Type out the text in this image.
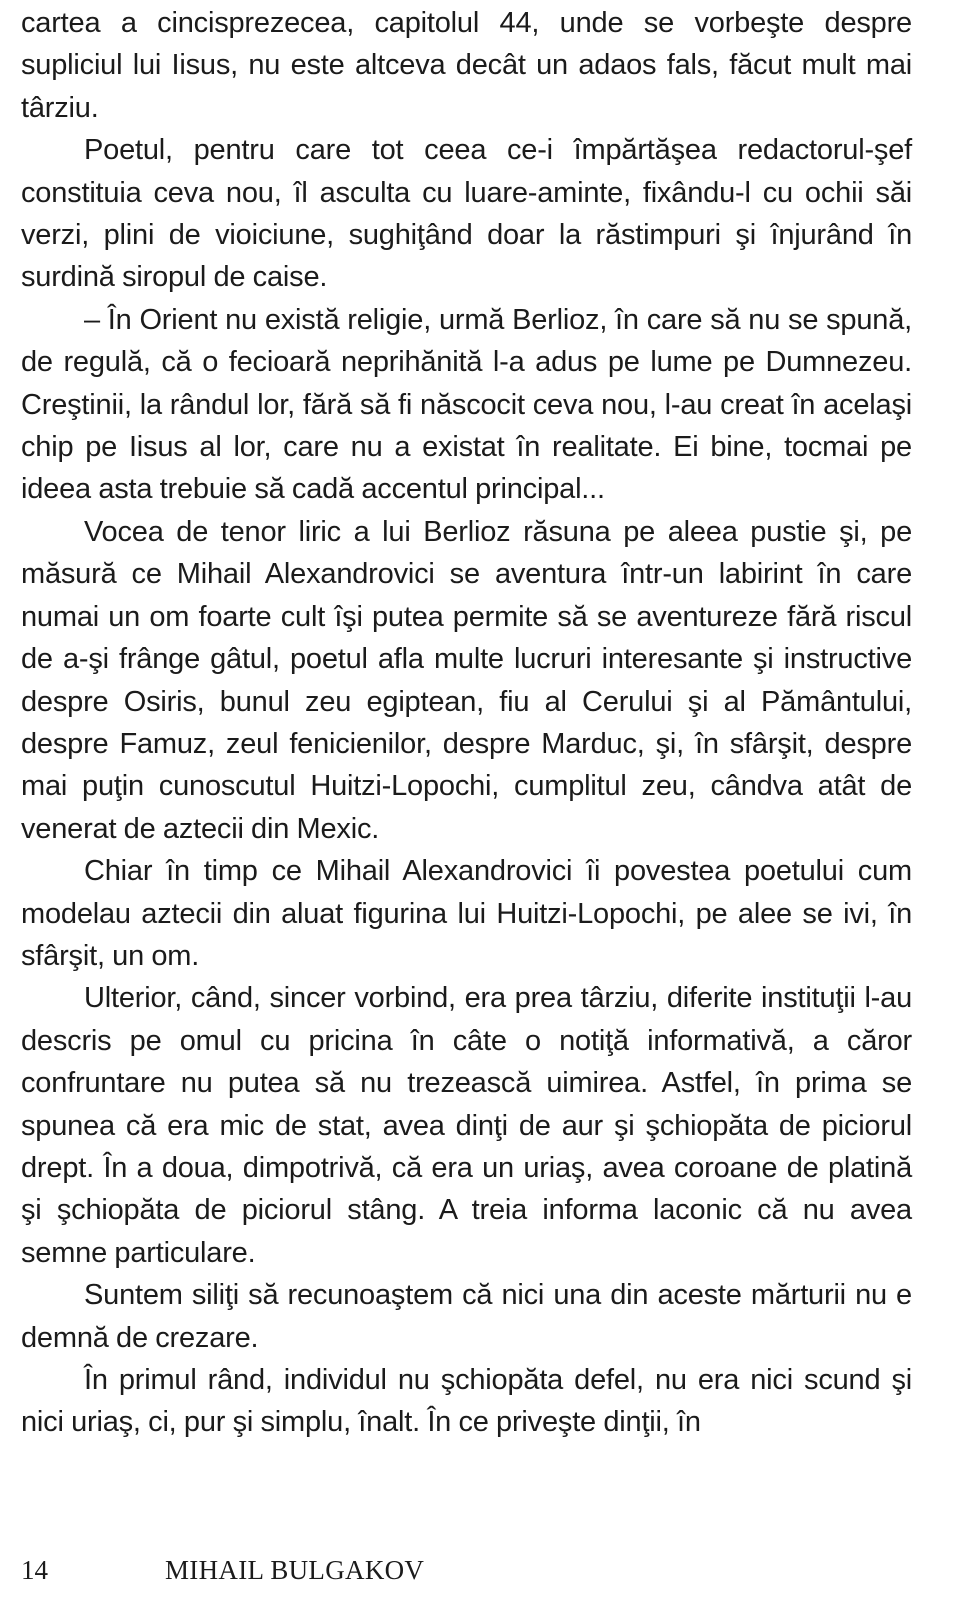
cartea a cincisprezecea, capitolul 44, unde se vorbeşte despre supliciul lui Iisus, nu este altceva decât un adaos fals, făcut mult mai târziu.

Poetul, pentru care tot ceea ce-i împărtăşea redactorul-şef constituia ceva nou, îl asculta cu luare-aminte, fixându-l cu ochii săi verzi, plini de vioiciune, sughiţând doar la răstimpuri şi înjurând în surdină siropul de caise.

– În Orient nu există religie, urmă Berlioz, în care să nu se spună, de regulă, că o fecioară neprihănită l-a adus pe lume pe Dumnezeu. Creştinii, la rândul lor, fără să fi născocit ceva nou, l-au creat în acelaşi chip pe Iisus al lor, care nu a existat în realitate. Ei bine, tocmai pe ideea asta trebuie să cadă accentul principal...

Vocea de tenor liric a lui Berlioz răsuna pe aleea pustie şi, pe măsură ce Mihail Alexandrovici se aventura într-un labirint în care numai un om foarte cult îşi putea permite să se aventureze fără riscul de a-şi frânge gâtul, poetul afla multe lucruri interesante şi instructive despre Osiris, bunul zeu egiptean, fiu al Cerului şi al Pământului, despre Famuz, zeul fenicienilor, despre Marduc, şi, în sfârşit, despre mai puţin cunoscutul Huitzi-Lopochi, cumplitul zeu, cândva atât de venerat de aztecii din Mexic.

Chiar în timp ce Mihail Alexandrovici îi povestea poetului cum modelau aztecii din aluat figurina lui Huitzi-Lopochi, pe alee se ivi, în sfârşit, un om.

Ulterior, când, sincer vorbind, era prea târziu, diferite instituţii l-au descris pe omul cu pricina în câte o notiţă informativă, a căror confruntare nu putea să nu trezească uimirea. Astfel, în prima se spunea că era mic de stat, avea dinţi de aur şi şchiopăta de piciorul drept. În a doua, dimpotrivă, că era un uriaş, avea coroane de platină şi şchiopăta de piciorul stâng. A treia informa laconic că nu avea semne particulare.

Suntem siliţi să recunoaştem că nici una din aceste mărturii nu e demnă de crezare.

În primul rând, individul nu şchiopăta defel, nu era nici scund şi nici uriaş, ci, pur şi simplu, înalt. În ce priveşte dinţii, în

14	MIHAIL BULGAKOV
